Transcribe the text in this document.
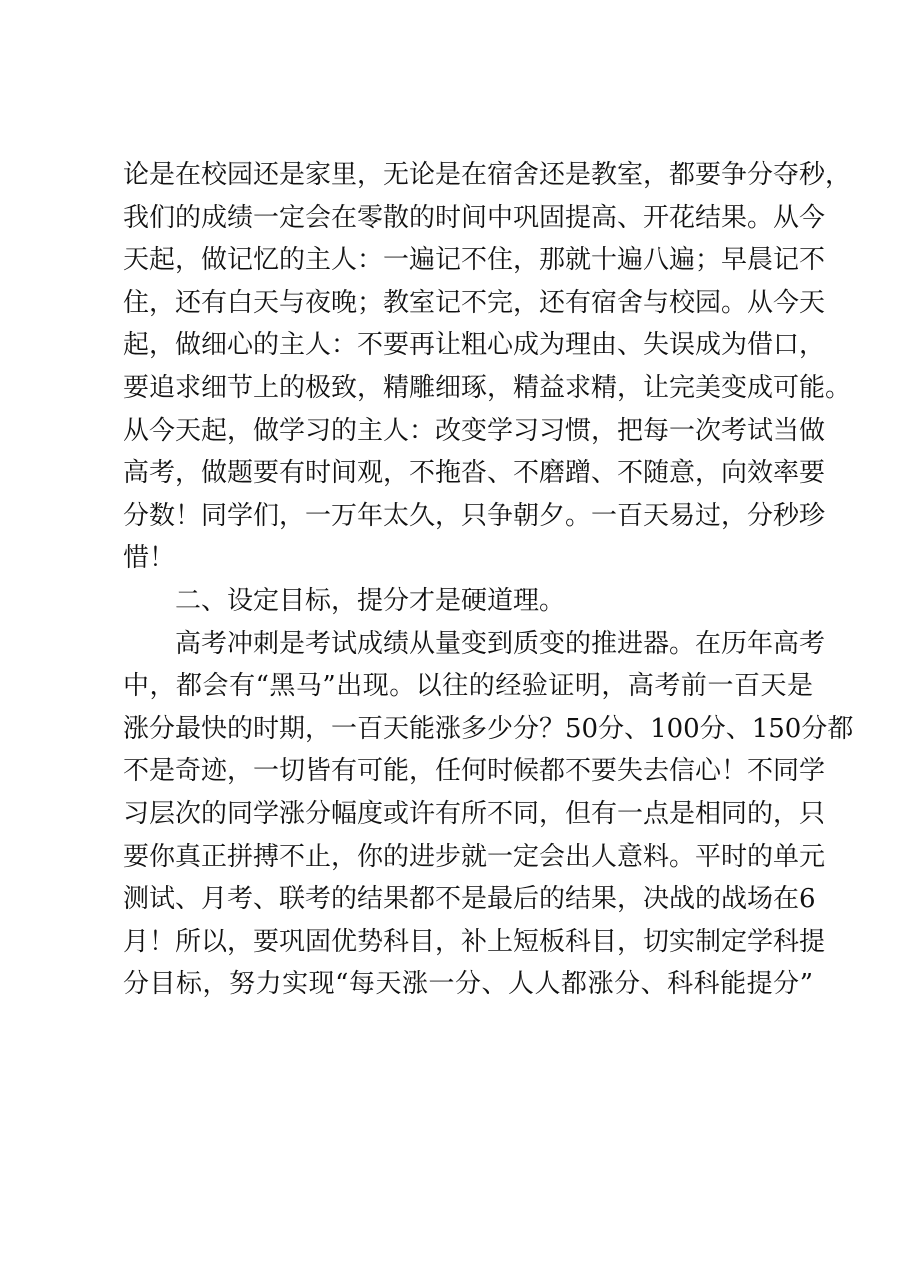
论是在校园还是家里，无论是在宿舍还是教室，都要争分夺秒，
我们的成绩一定会在零散的时间中巩固提高、开花结果。从今
天起，做记忆的主人：一遍记不住，那就十遍八遍；早晨记不
住，还有白天与夜晚；教室记不完，还有宿舍与校园。从今天
起，做细心的主人：不要再让粗心成为理由、失误成为借口，
要追求细节上的极致，精雕细琢，精益求精，让完美变成可能。
从今天起，做学习的主人：改变学习习惯，把每一次考试当做
高考，做题要有时间观，不拖沓、不磨蹭、不随意，向效率要
分数！同学们，一万年太久，只争朝夕。一百天易过，分秒珍
惜！
二、设定目标，提分才是硬道理。
高考冲刺是考试成绩从量变到质变的推进器。在历年高考
中，都会有“黑马”出现。以往的经验证明，高考前一百天是
涨分最快的时期，一百天能涨多少分？50分、100分、150分都
不是奇迹，一切皆有可能，任何时候都不要失去信心！不同学
习层次的同学涨分幅度或许有所不同，但有一点是相同的，只
要你真正拼搏不止，你的进步就一定会出人意料。平时的单元
测试、月考、联考的结果都不是最后的结果，决战的战场在6
月！所以，要巩固优势科目，补上短板科目，切实制定学科提
分目标，努力实现“每天涨一分、人人都涨分、科科能提分”
